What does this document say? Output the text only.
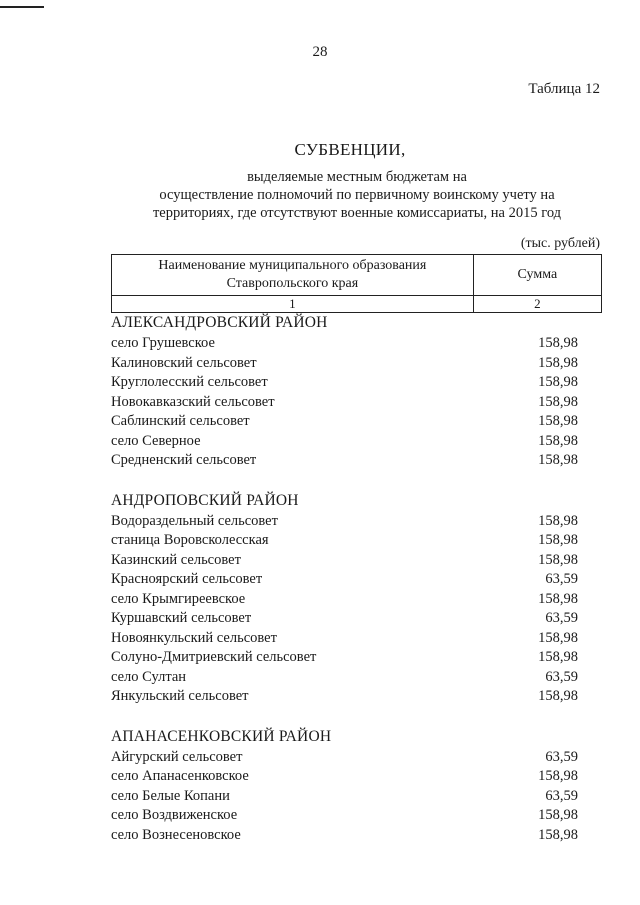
28
Таблица 12
СУБВЕНЦИИ,
выделяемые местным бюджетам на
осуществление полномочий по первичному воинскому учету на
территориях, где отсутствуют военные комиссариаты, на 2015 год
(тыс. рублей)
Наименование муниципального образования
Ставропольского края	Сумма
1	2
АЛЕКСАНДРОВСКИЙ РАЙОН
село Грушевское	158,98
Калиновский сельсовет	158,98
Круглолесский сельсовет	158,98
Новокавказский сельсовет	158,98
Саблинский сельсовет	158,98
село Северное	158,98
Средненский сельсовет	158,98
АНДРОПОВСКИЙ РАЙОН
Водораздельный сельсовет	158,98
станица Воровсколесская	158,98
Казинский сельсовет	158,98
Красноярский сельсовет	63,59
село Крымгиреевское	158,98
Куршавский сельсовет	63,59
Новоянкульский сельсовет	158,98
Солуно-Дмитриевский сельсовет	158,98
село Султан	63,59
Янкульский сельсовет	158,98
АПАНАСЕНКОВСКИЙ РАЙОН
Айгурский сельсовет	63,59
село Апанасенковское	158,98
село Белые Копани	63,59
село Воздвиженское	158,98
село Вознесеновское	158,98
